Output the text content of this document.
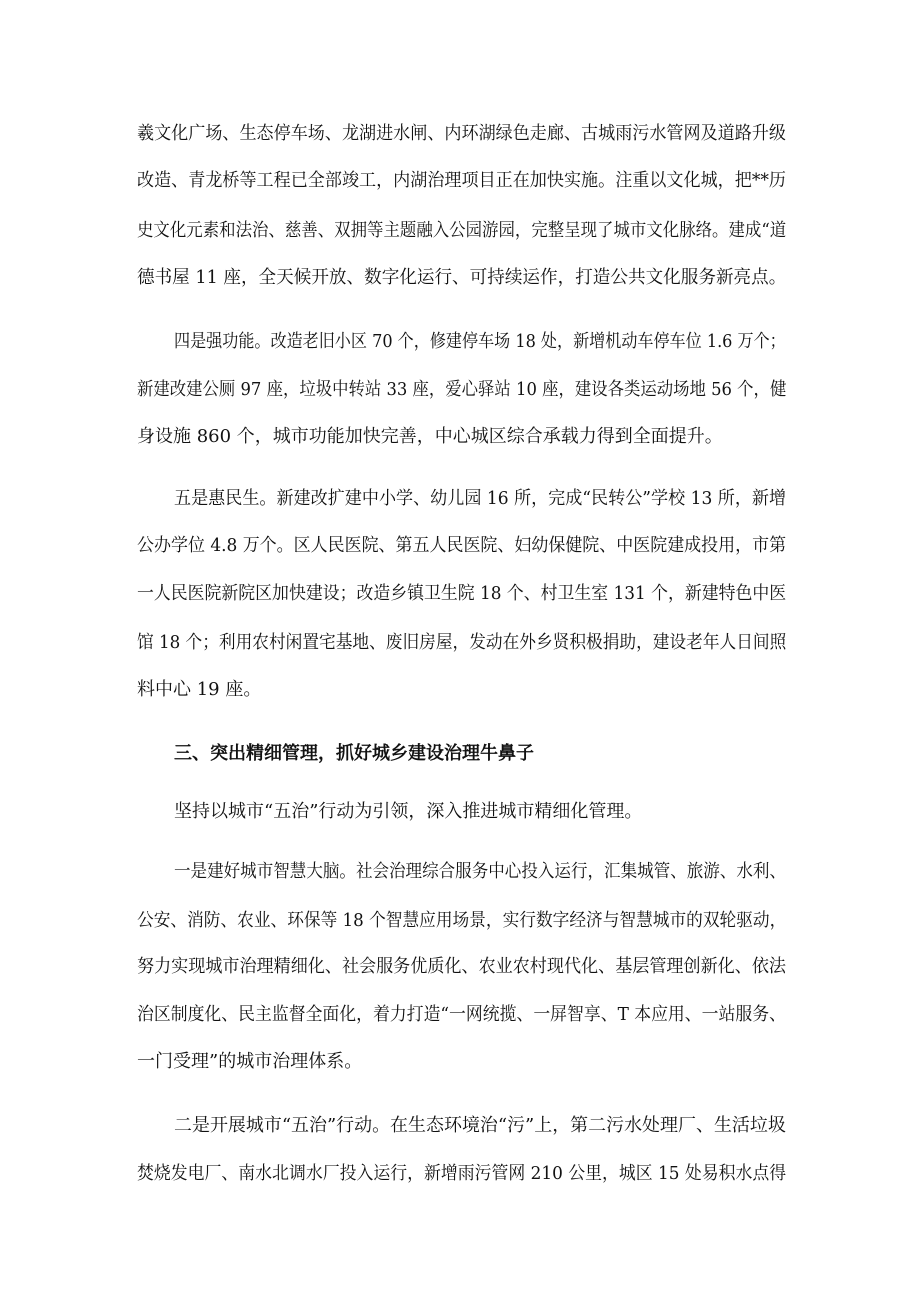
羲文化广场、生态停车场、龙湖进水闸、内环湖绿色走廊、古城雨污水管网及道路升级
改造、青龙桥等工程已全部竣工，内湖治理项目正在加快实施。注重以文化城，把**历
史文化元素和法治、慈善、双拥等主题融入公园游园，完整呈现了城市文化脉络。建成“道
德书屋 11 座，全天候开放、数字化运行、可持续运作，打造公共文化服务新亮点。
四是强功能。改造老旧小区 70 个，修建停车场 18 处，新增机动车停车位 1.6 万个；
新建改建公厕 97 座，垃圾中转站 33 座，爱心驿站 10 座，建设各类运动场地 56 个，健
身设施 860 个，城市功能加快完善，中心城区综合承载力得到全面提升。
五是惠民生。新建改扩建中小学、幼儿园 16 所，完成“民转公”学校 13 所，新增
公办学位 4.8 万个。区人民医院、第五人民医院、妇幼保健院、中医院建成投用，市第
一人民医院新院区加快建设；改造乡镇卫生院 18 个、村卫生室 131 个，新建特色中医
馆 18 个；利用农村闲置宅基地、废旧房屋，发动在外乡贤积极捐助，建设老年人日间照
料中心 19 座。
三、突出精细管理，抓好城乡建设治理牛鼻子
坚持以城市“五治”行动为引领，深入推进城市精细化管理。
一是建好城市智慧大脑。社会治理综合服务中心投入运行，汇集城管、旅游、水利、
公安、消防、农业、环保等 18 个智慧应用场景，实行数字经济与智慧城市的双轮驱动，
努力实现城市治理精细化、社会服务优质化、农业农村现代化、基层管理创新化、依法
治区制度化、民主监督全面化，着力打造“一网统揽、一屏智享、T 本应用、一站服务、
一门受理”的城市治理体系。
二是开展城市“五治”行动。在生态环境治“污”上，第二污水处理厂、生活垃圾
焚烧发电厂、南水北调水厂投入运行，新增雨污管网 210 公里，城区 15 处易积水点得
